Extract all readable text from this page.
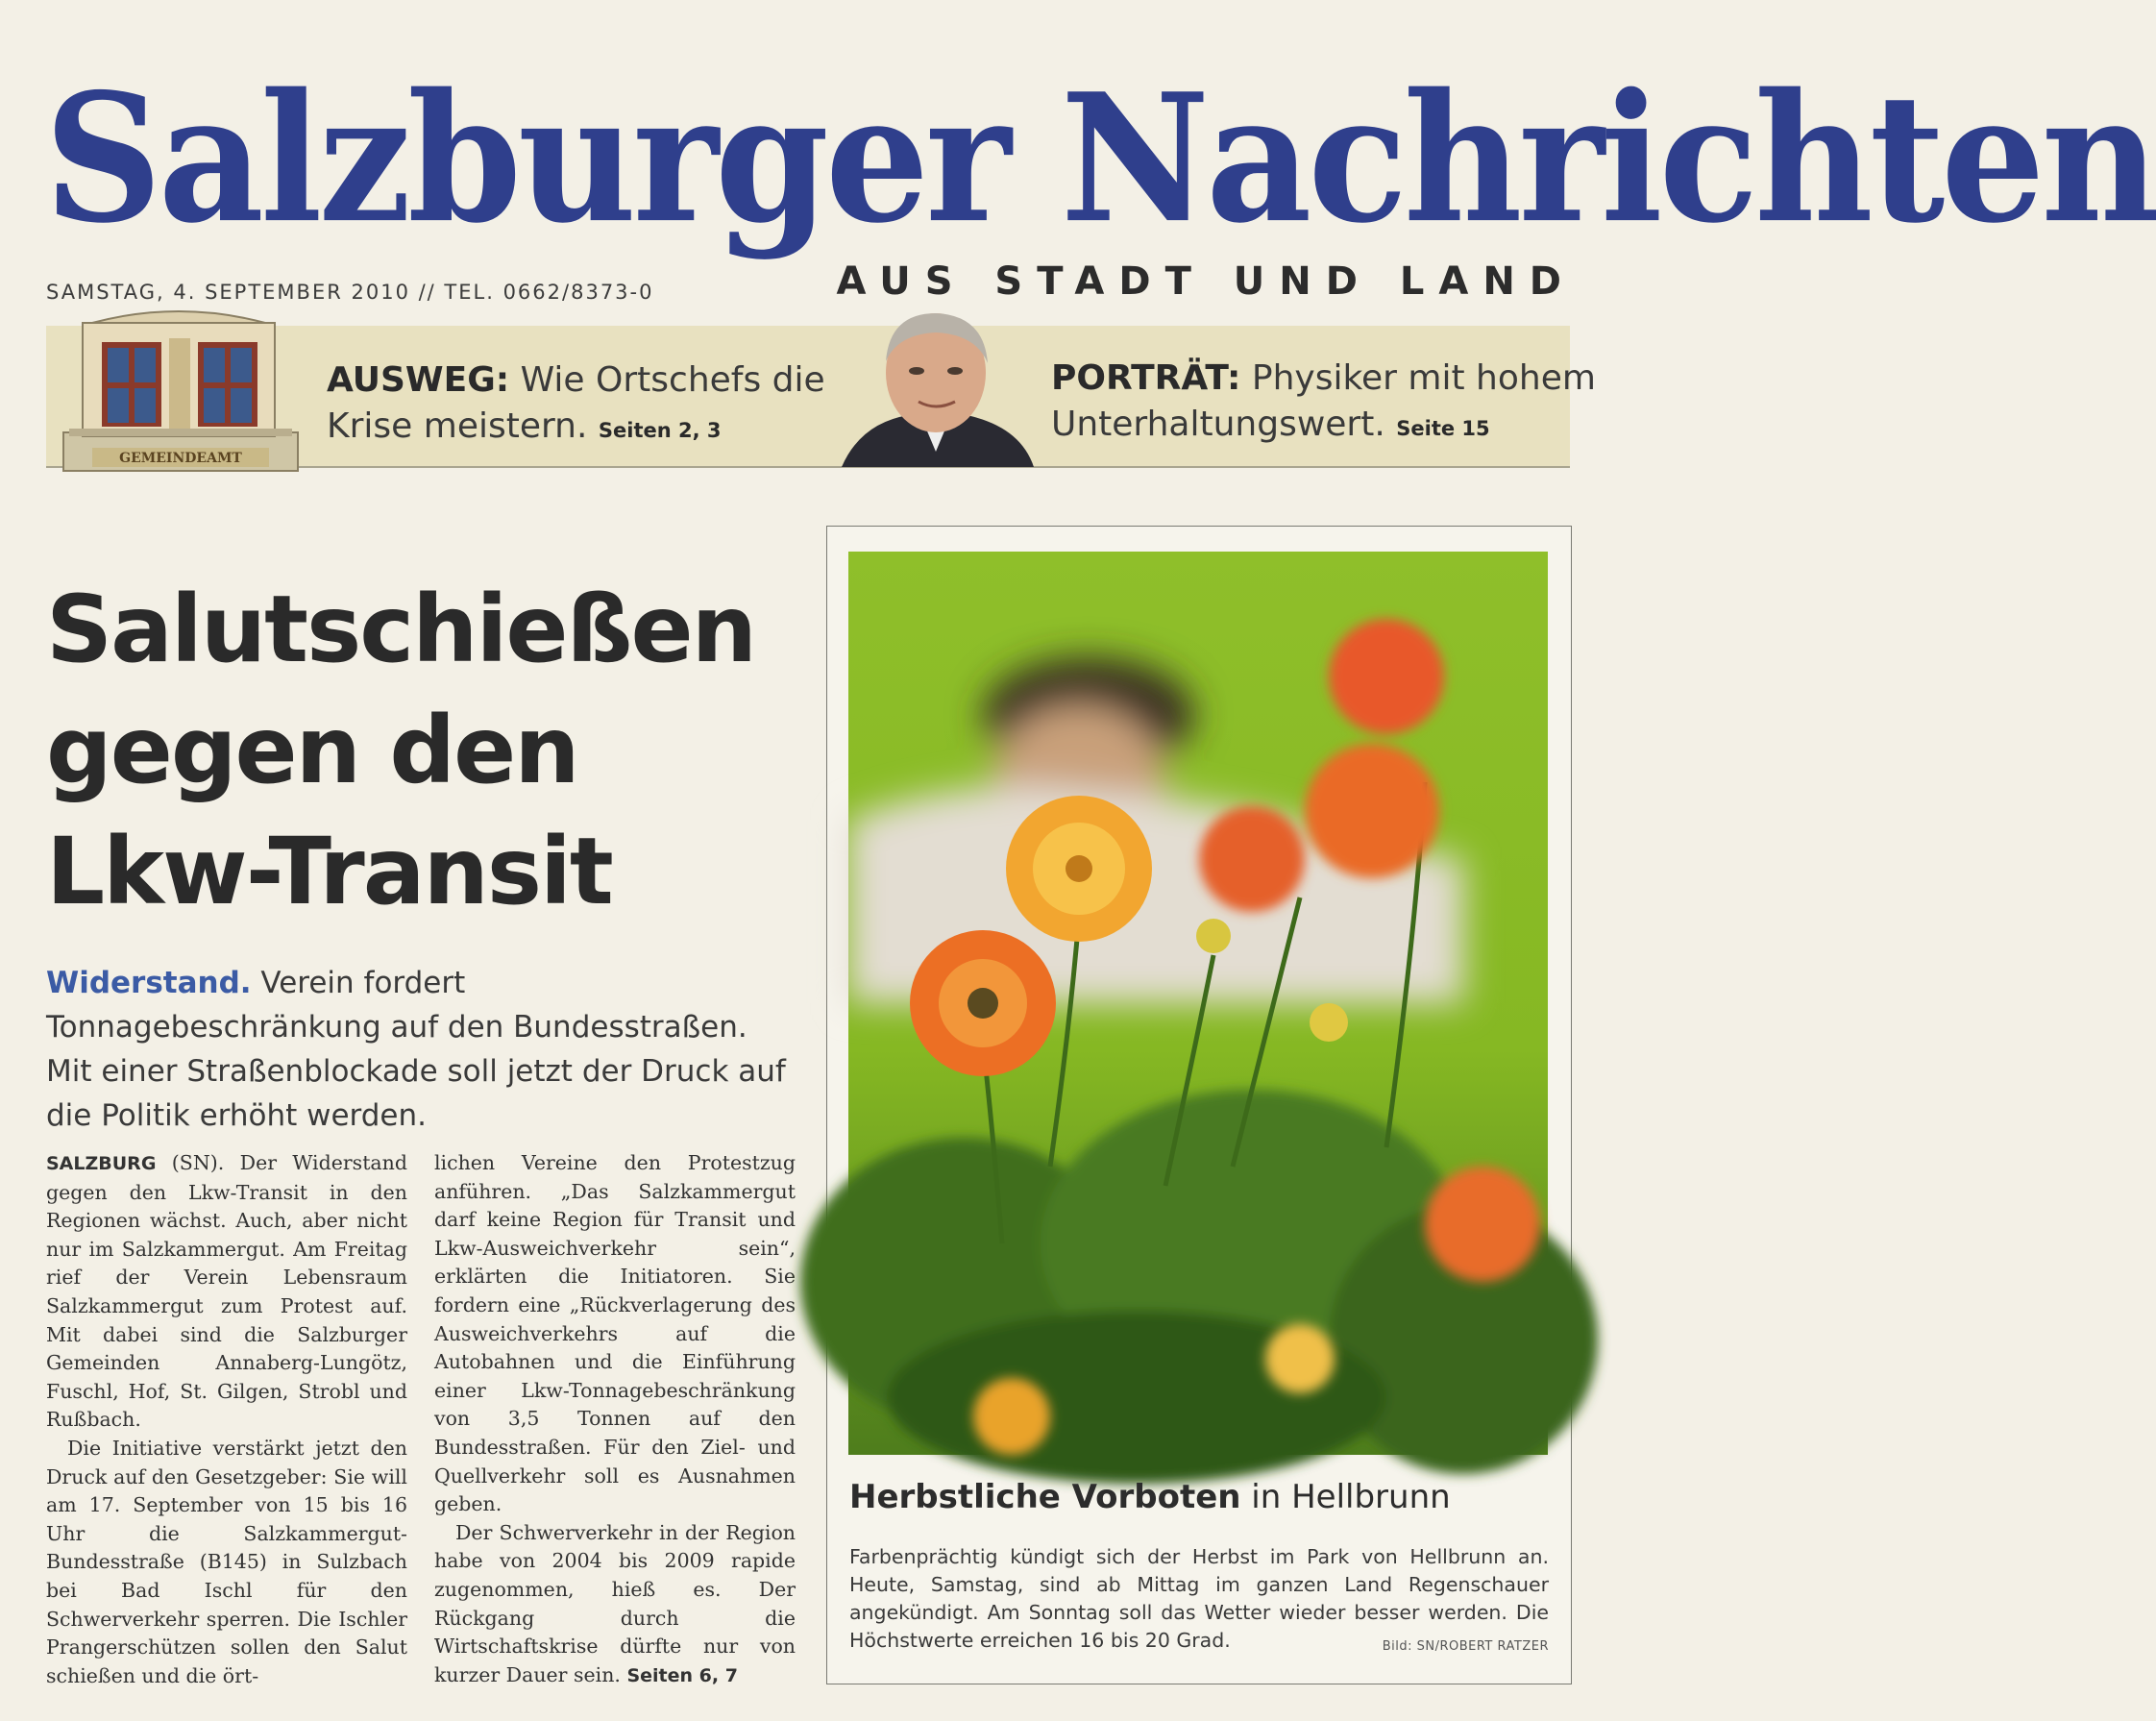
Salzburger Nachrichten
SAMSTAG, 4. SEPTEMBER 2010 // TEL. 0662/8373-0	AUS STADT UND LAND
GEMEINDEAMT
AUSWEG: Wie Ortschefs die
Krise meistern. Seiten 2, 3
PORTRÄT: Physiker mit hohem
Unterhaltungswert. Seite 15
Salutschießen
gegen den
Lkw-Transit
Widerstand. Verein fordert Tonnagebeschränkung auf den Bundesstraßen. Mit einer Straßenblockade soll jetzt der Druck auf die Politik erhöht werden.

SALZBURG (SN). Der Widerstand gegen den Lkw-Transit in den Regionen wächst. Auch, aber nicht nur im Salzkammergut. Am Freitag rief der Verein Lebensraum Salzkammergut zum Protest auf. Mit dabei sind die Salzburger Gemeinden Annaberg-Lungötz, Fuschl, Hof, St. Gilgen, Strobl und Rußbach.

Die Initiative verstärkt jetzt den Druck auf den Gesetzgeber: Sie will am 17. September von 15 bis 16 Uhr die Salzkammergut-Bundesstraße (B145) in Sulzbach bei Bad Ischl für den Schwerverkehr sperren. Die Ischler Prangerschützen sollen den Salut schießen und die ört-

lichen Vereine den Protestzug anführen. „Das Salzkammergut darf keine Region für Transit und Lkw-Ausweichverkehr sein“, erklärten die Initiatoren. Sie fordern eine „Rückverlagerung des Ausweichverkehrs auf die Autobahnen und die Einführung einer Lkw-Tonnagebeschränkung von 3,5 Tonnen auf den Bundesstraßen. Für den Ziel- und Quellverkehr soll es Ausnahmen geben.

Der Schwerverkehr in der Region habe von 2004 bis 2009 rapide zugenommen, hieß es. Der Rückgang durch die Wirtschaftskrise dürfte nur von kurzer Dauer sein. Seiten 6, 7

Herbstliche Vorboten in Hellbrunn
Farbenprächtig kündigt sich der Herbst im Park von Hellbrunn an. Heute, Samstag, sind ab Mittag im ganzen Land Regenschauer angekündigt. Am Sonntag soll das Wetter wieder besser werden. Die Höchstwerte erreichen 16 bis 20 Grad.	Bild: SN/ROBERT RATZER
